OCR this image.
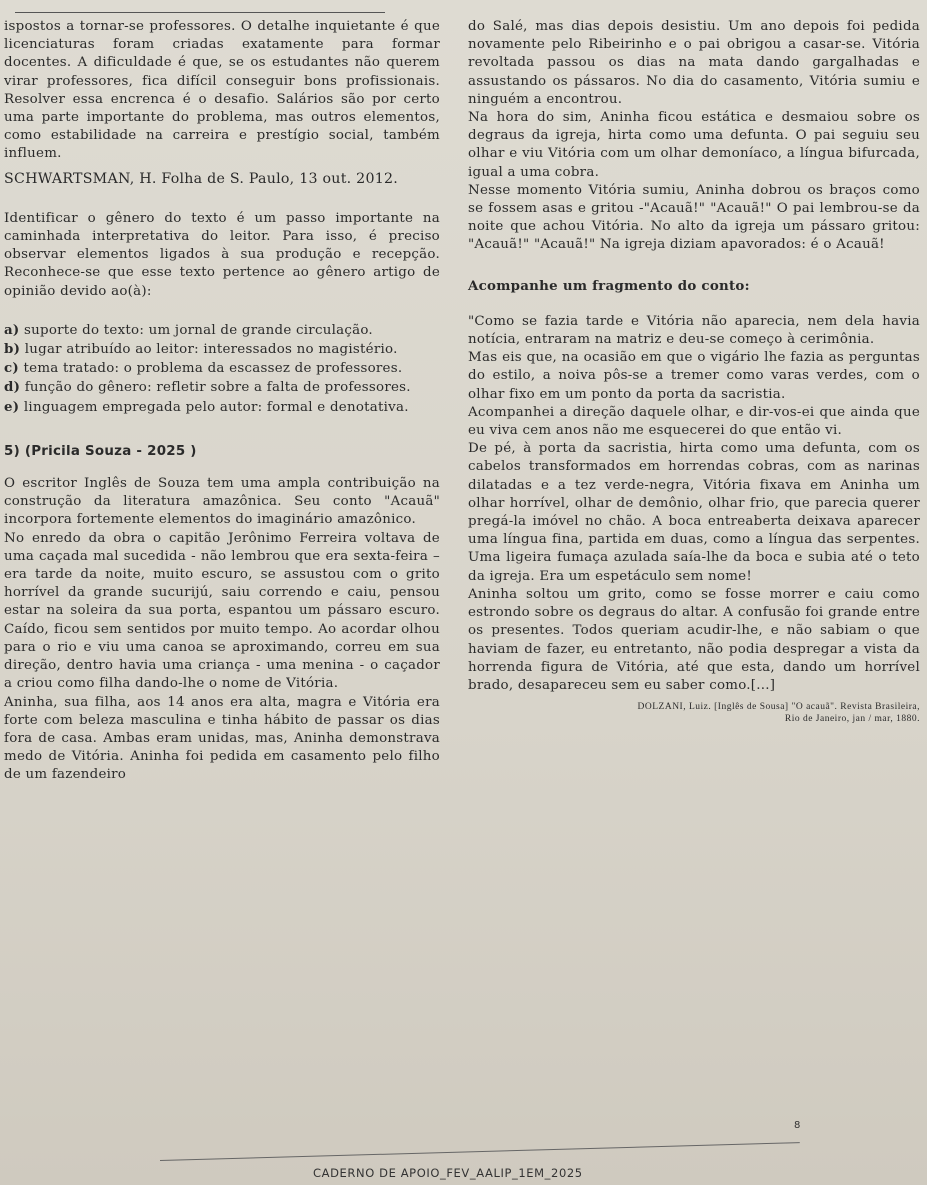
ispostos a tornar-se professores. O detalhe inquietante é que licenciaturas foram criadas exatamente para formar docentes. A dificuldade é que, se os estudantes não querem virar professores, fica difícil conseguir bons profissionais. Resolver essa encrenca é o desafio. Salários são por certo uma parte importante do problema, mas outros elementos, como estabilidade na carreira e prestígio social, também influem.

SCHWARTSMAN, H. Folha de S. Paulo, 13 out. 2012.

Identificar o gênero do texto é um passo importante na caminhada interpretativa do leitor. Para isso, é preciso observar elementos ligados à sua produção e recepção. Reconhece-se que esse texto pertence ao gênero artigo de opinião devido ao(à):

a) suporte do texto: um jornal de grande circulação.

b) lugar atribuído ao leitor: interessados no magistério.

c) tema tratado: o problema da escassez de professores.

d) função do gênero: refletir sobre a falta de professores.

e) linguagem empregada pelo autor: formal e denotativa.

5) (Pricila Souza - 2025 )

O escritor Inglês de Souza tem uma ampla contribuição na construção da literatura amazônica. Seu conto "Acauã" incorpora fortemente elementos do imaginário amazônico.

No enredo da obra o capitão Jerônimo Ferreira voltava de uma caçada mal sucedida - não lembrou que era sexta-feira – era tarde da noite, muito escuro, se assustou com o grito horrível da grande sucurijú, saiu correndo e caiu, pensou estar na soleira da sua porta, espantou um pássaro escuro. Caído, ficou sem sentidos por muito tempo. Ao acordar olhou para o rio e viu uma canoa se aproximando, correu em sua direção, dentro havia uma criança - uma menina - o caçador a criou como filha dando-lhe o nome de Vitória.

Aninha, sua filha, aos 14 anos era alta, magra e Vitória era forte com beleza masculina e tinha hábito de passar os dias fora de casa. Ambas eram unidas, mas, Aninha demonstrava medo de Vitória. Aninha foi pedida em casamento pelo filho de um fazendeiro

do Salé, mas dias depois desistiu. Um ano depois foi pedida novamente pelo Ribeirinho e o pai obrigou a casar-se. Vitória revoltada passou os dias na mata dando gargalhadas e assustando os pássaros. No dia do casamento, Vitória sumiu e ninguém a encontrou.

Na hora do sim, Aninha ficou estática e desmaiou sobre os degraus da igreja, hirta como uma defunta. O pai seguiu seu olhar e viu Vitória com um olhar demoníaco, a língua bifurcada, igual a uma cobra.

Nesse momento Vitória sumiu, Aninha dobrou os braços como se fossem asas e gritou -"Acauã!" "Acauã!" O pai lembrou-se da noite que achou Vitória. No alto da igreja um pássaro gritou: "Acauã!" "Acauã!" Na igreja diziam apavorados: é o Acauã!

Acompanhe um fragmento do conto:

"Como se fazia tarde e Vitória não aparecia, nem dela havia notícia, entraram na matriz e deu-se começo à cerimônia.

Mas eis que, na ocasião em que o vigário lhe fazia as perguntas do estilo, a noiva pôs-se a tremer como varas verdes, com o olhar fixo em um ponto da porta da sacristia.

Acompanhei a direção daquele olhar, e dir-vos-ei que ainda que eu viva cem anos não me esquecerei do que então vi.

De pé, à porta da sacristia, hirta como uma defunta, com os cabelos transformados em horrendas cobras, com as narinas dilatadas e a tez verde-negra, Vitória fixava em Aninha um olhar horrível, olhar de demônio, olhar frio, que parecia querer pregá-la imóvel no chão. A boca entreaberta deixava aparecer uma língua fina, partida em duas, como a língua das serpentes. Uma ligeira fumaça azulada saía-lhe da boca e subia até o teto da igreja. Era um espetáculo sem nome!

Aninha soltou um grito, como se fosse morrer e caiu como estrondo sobre os degraus do altar. A confusão foi grande entre os presentes. Todos queriam acudir-lhe, e não sabiam o que haviam de fazer, eu entretanto, não podia despregar a vista da horrenda figura de Vitória, até que esta, dando um horrível brado, desapareceu sem eu saber como.[...]

DOLZANI, Luiz. [Inglês de Sousa] "O acauã". Revista Brasileira,
Rio de Janeiro, jan / mar, 1880.
8
CADERNO DE APOIO_FEV_AALIP_1EM_2025
